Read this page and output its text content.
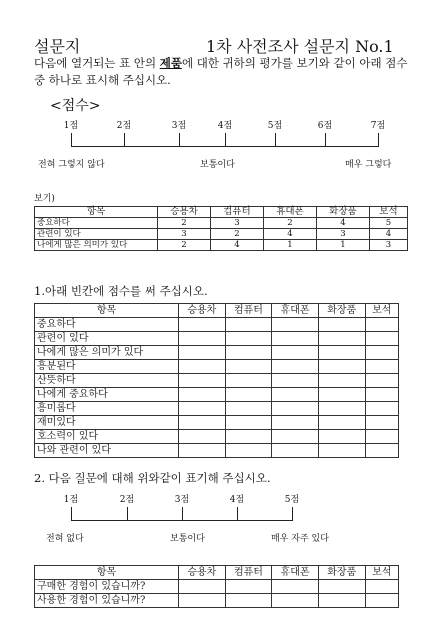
설문지	1차 사전조사 설문지 No.1
다음에 열거되는 표 안의 제품에 대한 귀하의 평가를 보기와 같이 아래 점수중 하나로 표시해 주십시오.
<점수>
1점	2점	3점	4점	5점	6점	7점
전혀 그렇지 않다	보통이다	매우 그렇다
보기)
항목	승용차	컴퓨터	휴대폰	화장품	보석
중요하다	2	3	2	4	5
관련이 있다	3	2	4	3	4
나에게 많은 의미가 있다	2	4	1	1	3
1.아래 빈칸에 점수를 써 주십시오.
항목	승용차	컴퓨터	휴대폰	화장품	보석
중요하다					
관련이 있다					
나에게 많은 의미가 있다					
흥분된다					
산뜻하다					
나에게 중요하다					
흥미롭다					
재미있다					
호소력이 있다					
나와 관련이 있다					
2. 다음 질문에 대해 위와같이 표기해 주십시오.
1점	2점	3점	4점	5점
전혀 없다	보통이다	매우 자주 있다
항목	승용차	컴퓨터	휴대폰	화장품	보석
구매한 경험이 있습니까?					
사용한 경험이 있습니까?					
